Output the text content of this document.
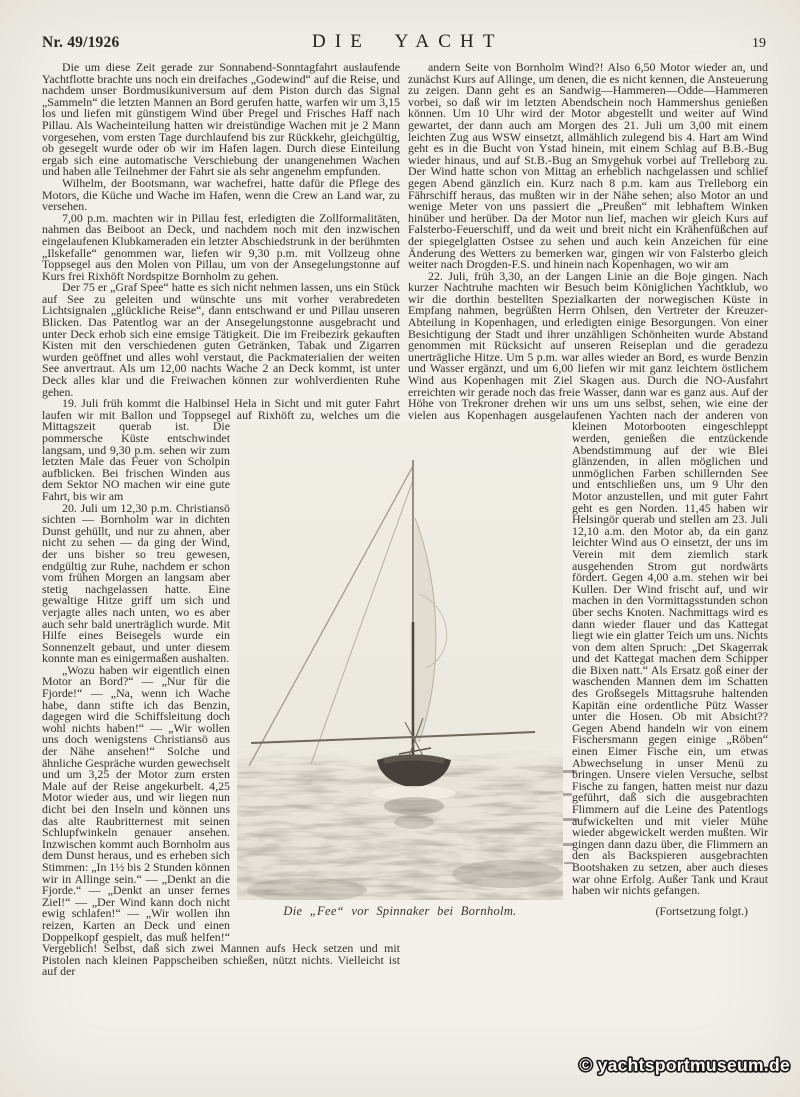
Nr. 49/1926	DIE YACHT	19

Die um diese Zeit gerade zur Sonnabend-Sonntagfahrt auslaufende Yachtflotte brachte uns noch ein dreifaches „Godewind“ auf die Reise, und nachdem unser Bordmusikuniversum auf dem Piston durch das Signal „Sammeln“ die letzten Mannen an Bord gerufen hatte, warfen wir um 3,15 los und liefen mit günstigem Wind über Pregel und Frisches Haff nach Pillau. Als Wacheinteilung hatten wir dreistündige Wachen mit je 2 Mann vorgesehen, vom ersten Tage durchlaufend bis zur Rückkehr, gleichgültig, ob gesegelt wurde oder ob wir im Hafen lagen. Durch diese Einteilung ergab sich eine automatische Verschiebung der unangenehmen Wachen und haben alle Teilnehmer der Fahrt sie als sehr angenehm empfunden.

Wilhelm, der Bootsmann, war wachefrei, hatte dafür die Pflege des Motors, die Küche und Wache im Hafen, wenn die Crew an Land war, zu versehen.

7,00 p.m. machten wir in Pillau fest, erledigten die Zollformalitäten, nahmen das Beiboot an Deck, und nachdem noch mit den inzwischen eingelaufenen Klubkameraden ein letzter Abschiedstrunk in der berühmten „Ilskefalle“ genommen war, liefen wir 9,30 p.m. mit Vollzeug ohne Toppsegel aus den Molen von Pillau, um von der Ansegelungstonne auf Kurs frei Rixhöft Nordspitze Bornholm zu gehen.

Der 75 er „Graf Spee“ hatte es sich nicht nehmen lassen, uns ein Stück auf See zu geleiten und wünschte uns mit vorher verabredeten Lichtsignalen „glückliche Reise“, dann entschwand er und Pillau unseren Blicken. Das Patentlog war an der Ansegelungstonne ausgebracht und unter Deck erhob sich eine emsige Tätigkeit. Die im Freibezirk gekauften Kisten mit den verschiedenen guten Getränken, Tabak und Zigarren wurden geöffnet und alles wohl verstaut, die Packmaterialien der weiten See anvertraut. Als um 12,00 nachts Wache 2 an Deck kommt, ist unter Deck alles klar und die Freiwachen können zur wohlverdienten Ruhe gehen.

19. Juli früh kommt die Halbinsel Hela in Sicht und mit guter Fahrt laufen wir mit Ballon und Toppsegel auf Rixhöft zu, welches um die Mittagszeit querab ist. Die pommersche Küste entschwindet langsam, und 9,30 p.m. sehen wir zum letzten Male das Feuer von Scholpin aufblicken. Bei frischen Winden aus dem Sektor NO machen wir eine gute Fahrt, bis wir am

20. Juli um 12,30 p.m. Christiansö sichten — Bornholm war in dichten Dunst gehüllt, und nur zu ahnen, aber nicht zu sehen — da ging der Wind, der uns bisher so treu gewesen, endgültig zur Ruhe, nachdem er schon vom frühen Morgen an langsam aber stetig nachgelassen hatte. Eine gewaltige Hitze griff um sich und verjagte alles nach unten, wo es aber auch sehr bald unerträglich wurde. Mit Hilfe eines Beisegels wurde ein Sonnenzelt gebaut, und unter diesem konnte man es einigermaßen aushalten.

„Wozu haben wir eigentlich einen Motor an Bord?“ — „Nur für die Fjorde!“ — „Na, wenn ich Wache habe, dann stifte ich das Benzin, dagegen wird die Schiffsleitung doch wohl nichts haben!“ — „Wir wollen uns doch wenigstens Christiansö aus der Nähe ansehen!“ Solche und ähnliche Gespräche wurden gewechselt und um 3,25 der Motor zum ersten Male auf der Reise angekurbelt. 4,25 Motor wieder aus, und wir liegen nun dicht bei den Inseln und können uns das alte Raubritternest mit seinen Schlupfwinkeln genauer ansehen. Inzwischen kommt auch Bornholm aus dem Dunst heraus, und es erheben sich Stimmen: „In 1½ bis 2 Stunden können wir in Allinge sein.“ — „Denkt an die Fjorde.“ — „Denkt an unser fernes Ziel!“ — „Der Wind kann doch nicht ewig schlafen!“ — „Wir wollen ihn reizen, Karten an Deck und einen Doppelkopf gespielt, das muß helfen!“ Vergeblich! Selbst, daß sich zwei Mannen aufs Heck setzen und mit Pistolen nach kleinen Pappscheiben schießen, nützt nichts. Vielleicht ist auf der

andern Seite von Bornholm Wind?! Also 6,50 Motor wieder an, und zunächst Kurs auf Allinge, um denen, die es nicht kennen, die Ansteuerung zu zeigen. Dann geht es an Sandwig—Hammeren—Odde—Hammeren vorbei, so daß wir im letzten Abendschein noch Hammershus genießen können. Um 10 Uhr wird der Motor abgestellt und weiter auf Wind gewartet, der dann auch am Morgen des 21. Juli um 3,00 mit einem leichten Zug aus WSW einsetzt, allmählich zulegend bis 4. Hart am Wind geht es in die Bucht von Ystad hinein, mit einem Schlag auf B.B.-Bug wieder hinaus, und auf St.B.-Bug an Smygehuk vorbei auf Trelleborg zu. Der Wind hatte schon von Mittag an erheblich nachgelassen und schlief gegen Abend gänzlich ein. Kurz nach 8 p.m. kam aus Trelleborg ein Fährschiff heraus, das mußten wir in der Nähe sehen; also Motor an und wenige Meter von uns passiert die „Preußen“ mit lebhaftem Winken hinüber und herüber. Da der Motor nun lief, machen wir gleich Kurs auf Falsterbo-Feuerschiff, und da weit und breit nicht ein Krähenfüßchen auf der spiegelglatten Ostsee zu sehen und auch kein Anzeichen für eine Änderung des Wetters zu bemerken war, gingen wir von Falsterbo gleich weiter nach Drogden-F.S. und hinein nach Kopenhagen, wo wir am

22. Juli, früh 3,30, an der Langen Linie an die Boje gingen. Nach kurzer Nachtruhe machten wir Besuch beim Königlichen Yachtklub, wo wir die dorthin bestellten Spezialkarten der norwegischen Küste in Empfang nahmen, begrüßten Herrn Ohlsen, den Vertreter der Kreuzer-Abteilung in Kopenhagen, und erledigten einige Besorgungen. Von einer Besichtigung der Stadt und ihrer unzähligen Schönheiten wurde Abstand genommen mit Rücksicht auf unseren Reiseplan und die geradezu unerträgliche Hitze. Um 5 p.m. war alles wieder an Bord, es wurde Benzin und Wasser ergänzt, und um 6,00 liefen wir mit ganz leichtem östlichem Wind aus Kopenhagen mit Ziel Skagen aus. Durch die NO-Ausfahrt erreichten wir gerade noch das freie Wasser, dann war es ganz aus. Auf der Höhe von Trekroner drehen wir uns um uns selbst, sehen, wie eine der vielen aus Kopenhagen ausgelaufenen Yachten nach der anderen von kleinen Motorbooten eingeschleppt werden, genießen die entzückende Abendstimmung auf der wie Blei glänzenden, in allen möglichen und unmöglichen Farben schillernden See und entschließen uns, um 9 Uhr den Motor anzustellen, und mit guter Fahrt geht es gen Norden. 11,45 haben wir Helsingör querab und stellen am 23. Juli 12,10 a.m. den Motor ab, da ein ganz leichter Wind aus O einsetzt, der uns im Verein mit dem ziemlich stark ausgehenden Strom gut nordwärts fördert. Gegen 4,00 a.m. stehen wir bei Kullen. Der Wind frischt auf, und wir machen in den Vormittagsstunden schon über sechs Knoten. Nachmittags wird es dann wieder flauer und das Kattegat liegt wie ein glatter Teich um uns. Nichts von dem alten Spruch: „Det Skagerrak und det Kattegat machen dem Schipper die Bixen natt.“ Als Ersatz goß einer der waschenden Mannen dem im Schatten des Großsegels Mittagsruhe haltenden Kapitän eine ordentliche Pütz Wasser unter die Hosen. Ob mit Absicht?? Gegen Abend handeln wir von einem Fischersmann gegen einige „Röben“ einen Eimer Fische ein, um etwas Abwechselung in unser Menü zu bringen. Unsere vielen Versuche, selbst Fische zu fangen, hatten meist nur dazu geführt, daß sich die ausgebrachten Flimmern auf die Leine des Patentlogs aufwickelten und mit vieler Mühe wieder abgewickelt werden mußten. Wir gingen dann dazu über, die Flimmern an den als Backspieren ausgebrachten Bootshaken zu setzen, aber auch dieses war ohne Erfolg. Außer Tank und Kraut haben wir nichts gefangen.

(Fortsetzung folgt.)

Die „Fee“ vor Spinnaker bei Bornholm.
© yachtsportmuseum.de
